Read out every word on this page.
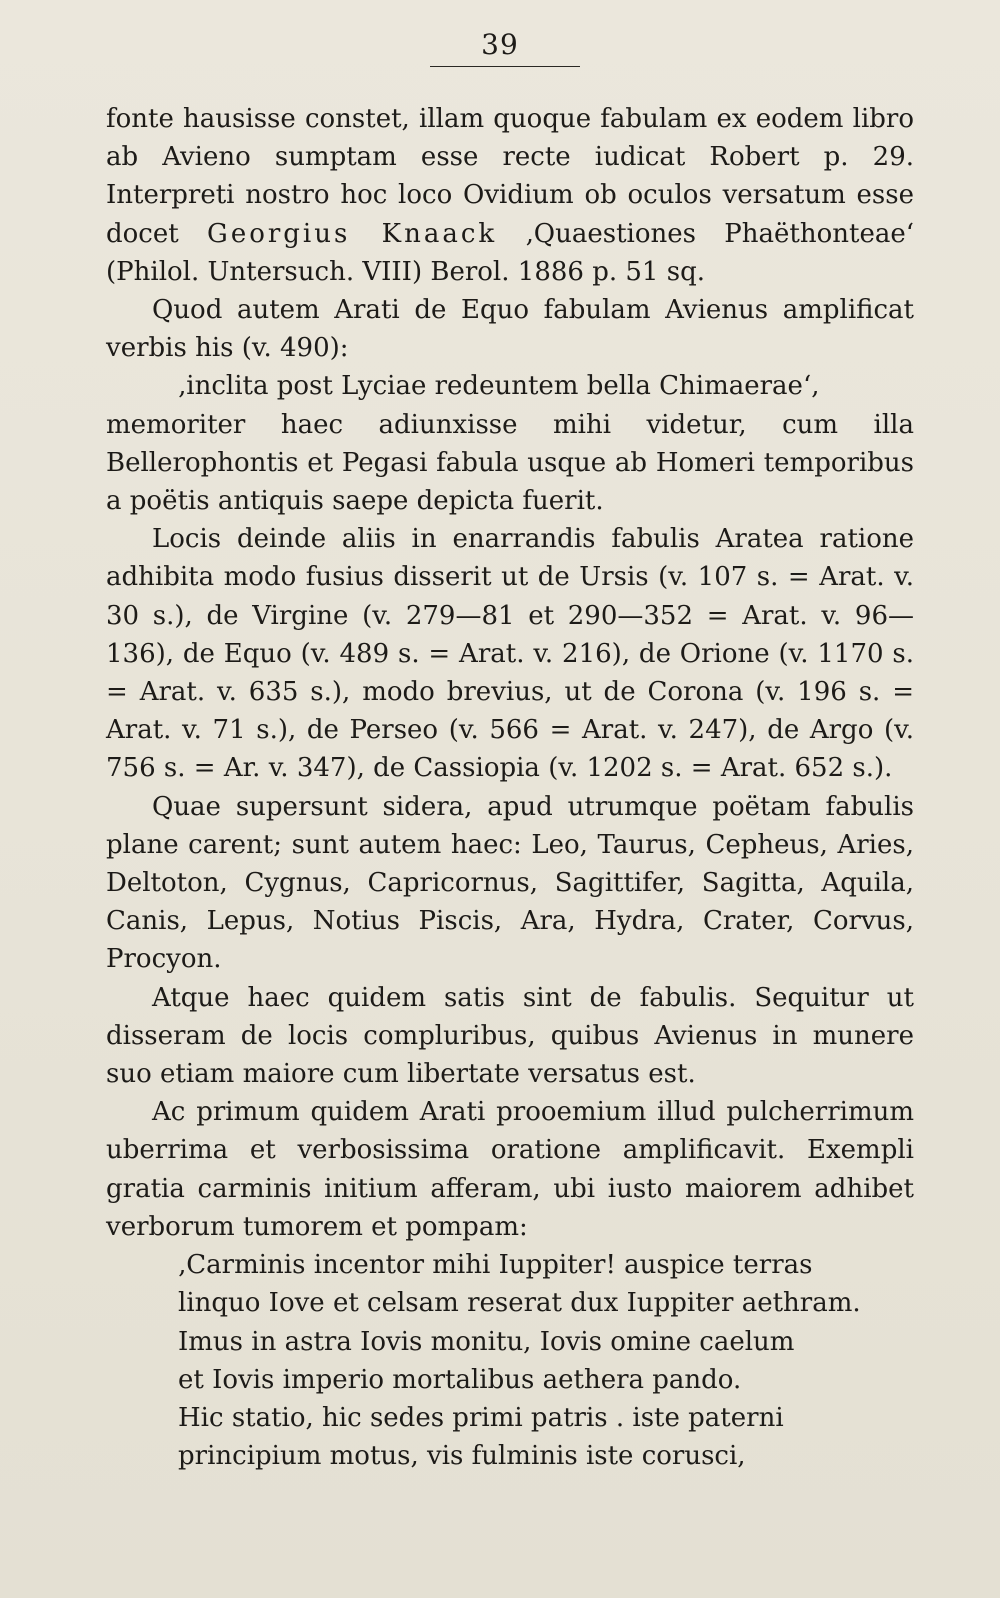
39

fonte hausisse constet, illam quoque fabulam ex eodem libro ab Avieno sumptam esse recte iudicat Robert p. 29. Interpreti nostro hoc loco Ovidium ob oculos versatum esse docet Georgius Knaack ‚Quaestiones Phaëthonteae‘ (Philol. Untersuch. VIII) Berol. 1886 p. 51 sq.

Quod autem Arati de Equo fabulam Avienus amplificat verbis his (v. 490):

‚inclita post Lyciae redeuntem bella Chimaerae‘,

memoriter haec adiunxisse mihi videtur, cum illa Bellerophontis et Pegasi fabula usque ab Homeri temporibus a poëtis antiquis saepe depicta fuerit.

Locis deinde aliis in enarrandis fabulis Aratea ratione adhibita modo fusius disserit ut de Ursis (v. 107 s. = Arat. v. 30 s.), de Virgine (v. 279—81 et 290—352 = Arat. v. 96—136), de Equo (v. 489 s. = Arat. v. 216), de Orione (v. 1170 s. = Arat. v. 635 s.), modo brevius, ut de Corona (v. 196 s. = Arat. v. 71 s.), de Perseo (v. 566 = Arat. v. 247), de Argo (v. 756 s. = Ar. v. 347), de Cassiopia (v. 1202 s. = Arat. 652 s.).

Quae supersunt sidera, apud utrumque poëtam fabulis plane carent; sunt autem haec: Leo, Taurus, Cepheus, Aries, Deltoton, Cygnus, Capricornus, Sagittifer, Sagitta, Aquila, Canis, Lepus, Notius Piscis, Ara, Hydra, Crater, Corvus, Procyon.

Atque haec quidem satis sint de fabulis. Sequitur ut disseram de locis compluribus, quibus Avienus in munere suo etiam maiore cum libertate versatus est.

Ac primum quidem Arati prooemium illud pulcherrimum uberrima et verbosissima oratione amplificavit. Exempli gratia carminis initium afferam, ubi iusto maiorem adhibet verborum tumorem et pompam:

‚Carminis incentor mihi Iuppiter! auspice terras

linquo Iove et celsam reserat dux Iuppiter aethram.

Imus in astra Iovis monitu, Iovis omine caelum

et Iovis imperio mortalibus aethera pando.

Hic statio, hic sedes primi patris . iste paterni

principium motus, vis fulminis iste corusci,
